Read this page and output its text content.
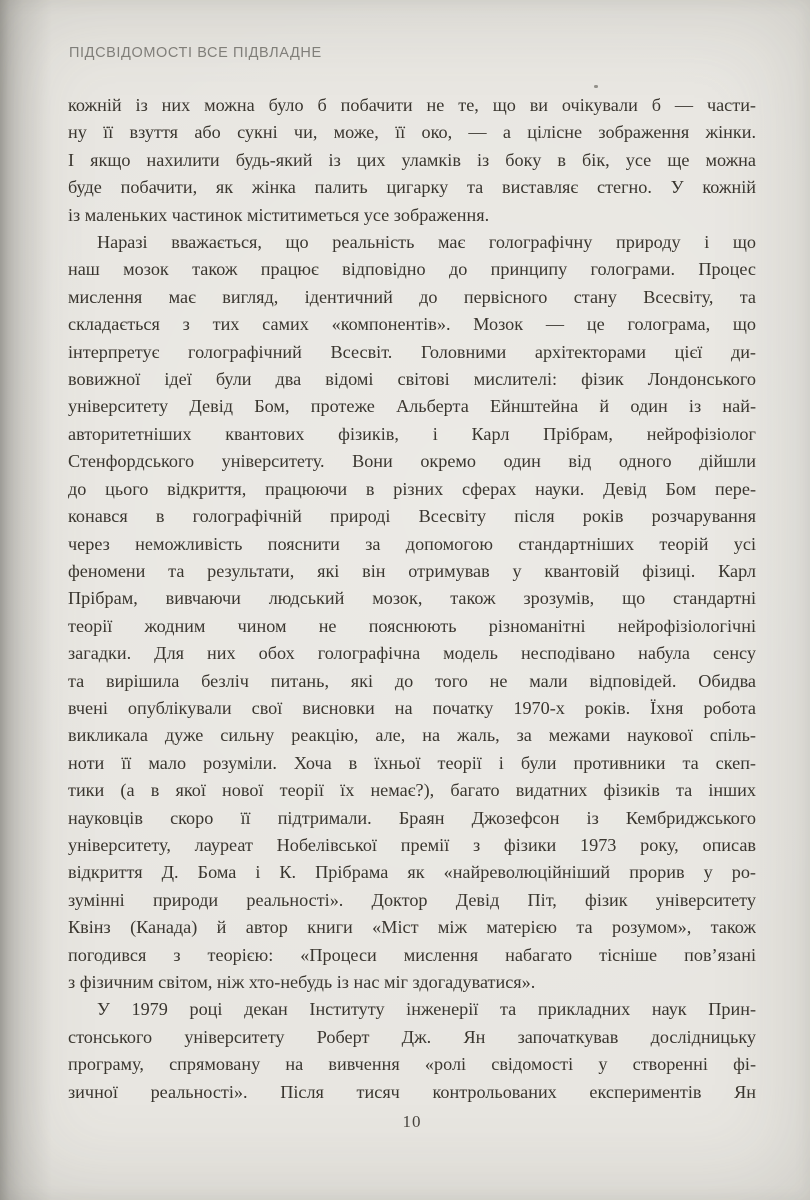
ПІДСВІДОМОСТІ ВСЕ ПІДВЛАДНЕ
кожній із них можна було б побачити не те, що ви очікували б — части-
ну її взуття або сукні чи, може, її око, — а цілісне зображення жінки.
І якщо нахилити будь-який із цих уламків із боку в бік, усе ще можна
буде побачити, як жінка палить цигарку та виставляє стегно. У кожній
із маленьких частинок міститиметься усе зображення.
Наразі вважається, що реальність має голографічну природу і що
наш мозок також працює відповідно до принципу голограми. Процес
мислення має вигляд, ідентичний до первісного стану Всесвіту, та
складається з тих самих «компонентів». Мозок — це голограма, що
інтерпретує голографічний Всесвіт. Головними архітекторами цієї ди-
вовижної ідеї були два відомі світові мислителі: фізик Лондонського
університету Девід Бом, протеже Альберта Ейнштейна й один із най-
авторитетніших квантових фізиків, і Карл Прібрам, нейрофізіолог
Стенфордського університету. Вони окремо один від одного дійшли
до цього відкриття, працюючи в різних сферах науки. Девід Бом пере-
конався в голографічній природі Всесвіту після років розчарування
через неможливість пояснити за допомогою стандартніших теорій усі
феномени та результати, які він отримував у квантовій фізиці. Карл
Прібрам, вивчаючи людський мозок, також зрозумів, що стандартні
теорії жодним чином не пояснюють різноманітні нейрофізіологічні
загадки. Для них обох голографічна модель несподівано набула сенсу
та вирішила безліч питань, які до того не мали відповідей. Обидва
вчені опублікували свої висновки на початку 1970-х років. Їхня робота
викликала дуже сильну реакцію, але, на жаль, за межами наукової спіль-
ноти її мало розуміли. Хоча в їхньої теорії і були противники та скеп-
тики (а в якої нової теорії їх немає?), багато видатних фізиків та інших
науковців скоро її підтримали. Браян Джозефсон із Кембриджського
університету, лауреат Нобелівської премії з фізики 1973 року, описав
відкриття Д. Бома і К. Прібрама як «найреволюційніший прорив у ро-
зумінні природи реальності». Доктор Девід Піт, фізик університету
Квінз (Канада) й автор книги «Міст між матерією та розумом», також
погодився з теорією: «Процеси мислення набагато тісніше пов’язані
з фізичним світом, ніж хто-небудь із нас міг здогадуватися».
У 1979 році декан Інституту інженерії та прикладних наук Прин-
стонського університету Роберт Дж. Ян започаткував дослідницьку
програму, спрямовану на вивчення «ролі свідомості у створенні фі-
зичної реальності». Після тисяч контрольованих експериментів Ян
10
